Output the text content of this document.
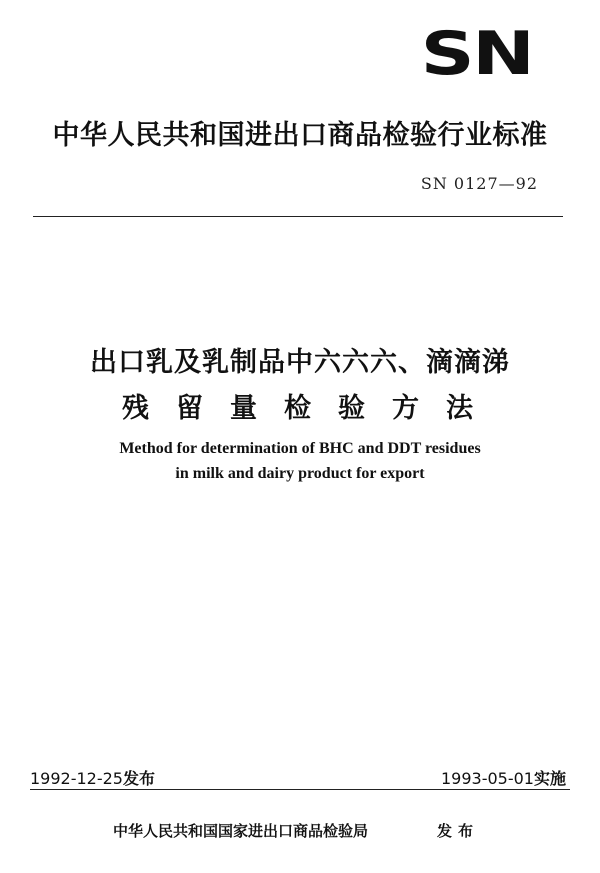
SN
中华人民共和国进出口商品检验行业标准
SN 0127—92
出口乳及乳制品中六六六、滴滴涕
残留量检验方法
Method for determination of BHC and DDT residues
in milk and dairy product for export
1992-12-25发布	1993-05-01实施
中华人民共和国国家进出口商品检验局	发布
